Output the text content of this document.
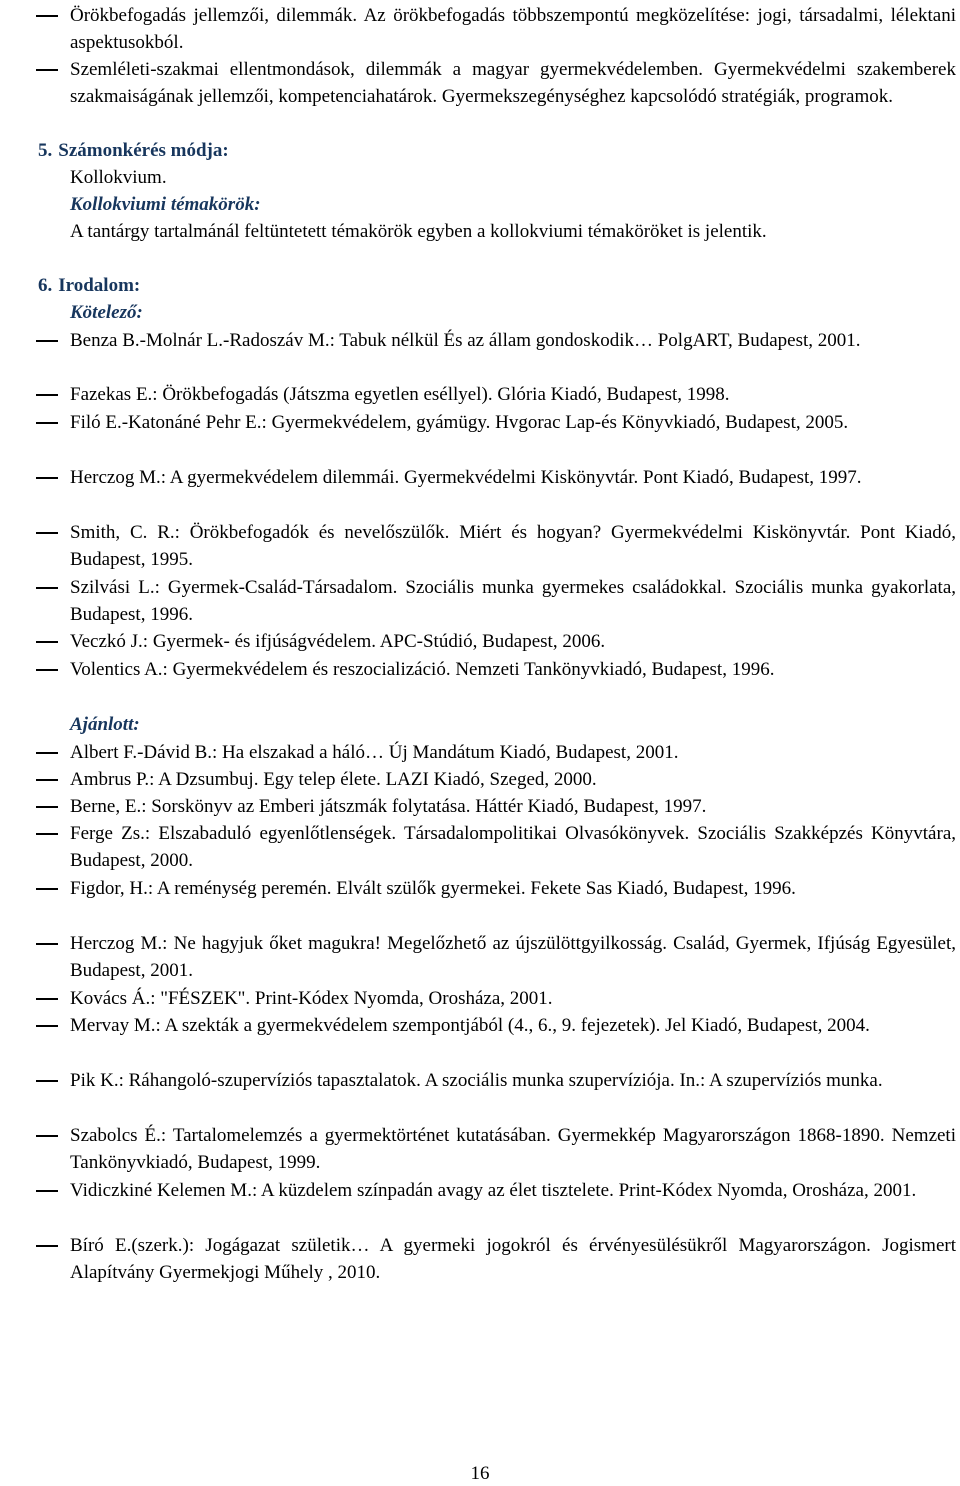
Örökbefogadás jellemzői, dilemmák. Az örökbefogadás többszempontú megközelítése: jogi, társadalmi, lélektani aspektusokból.
Szemléleti-szakmai ellentmondások, dilemmák a magyar gyermekvédelemben. Gyermekvédelmi szakemberek szakmaiságának jellemzői, kompetenciahatárok. Gyermekszegénységhez kapcsolódó stratégiák, programok.
5. Számonkérés módja:
Kollokvium.
Kollokviumi témakörök:
A tantárgy tartalmánál feltüntetett témakörök egyben a kollokviumi témaköröket is jelentik.
6. Irodalom:
Kötelező:
Benza B.-Molnár L.-Radoszáv M.: Tabuk nélkül És az állam gondoskodik… PolgART, Budapest, 2001.
Fazekas E.: Örökbefogadás (Játszma egyetlen eséllyel). Glória Kiadó, Budapest, 1998.
Filó E.-Katonáné Pehr E.: Gyermekvédelem, gyámügy. Hvgorac Lap-és Könyvkiadó, Budapest, 2005.
Herczog M.: A gyermekvédelem dilemmái. Gyermekvédelmi Kiskönyvtár. Pont Kiadó, Budapest, 1997.
Smith, C. R.: Örökbefogadók és nevelőszülők. Miért és hogyan? Gyermekvédelmi Kiskönyvtár. Pont Kiadó, Budapest, 1995.
Szilvási L.: Gyermek-Család-Társadalom. Szociális munka gyermekes családokkal. Szociális munka gyakorlata, Budapest, 1996.
Veczkó J.: Gyermek- és ifjúságvédelem. APC-Stúdió, Budapest, 2006.
Volentics A.: Gyermekvédelem és reszocializáció. Nemzeti Tankönyvkiadó, Budapest, 1996.
Ajánlott:
Albert F.-Dávid B.: Ha elszakad a háló… Új Mandátum Kiadó, Budapest, 2001.
Ambrus P.: A Dzsumbuj. Egy telep élete. LAZI Kiadó, Szeged, 2000.
Berne, E.: Sorskönyv az Emberi játszmák folytatása. Háttér Kiadó, Budapest, 1997.
Ferge Zs.: Elszabaduló egyenlőtlenségek. Társadalompolitikai Olvasókönyvek. Szociális Szakképzés Könyvtára, Budapest, 2000.
Figdor, H.: A reménység peremén. Elvált szülők gyermekei. Fekete Sas Kiadó, Budapest, 1996.
Herczog M.: Ne hagyjuk őket magukra! Megelőzhető az újszülöttgyilkosság. Család, Gyermek, Ifjúság Egyesület, Budapest, 2001.
Kovács Á.: "FÉSZEK". Print-Kódex Nyomda, Orosháza, 2001.
Mervay M.: A szekták a gyermekvédelem szempontjából (4., 6., 9. fejezetek). Jel Kiadó, Budapest, 2004.
Pik K.: Ráhangoló-szupervíziós tapasztalatok. A szociális munka szupervíziója. In.: A szupervíziós munka.
Szabolcs É.: Tartalomelemzés a gyermektörténet kutatásában. Gyermekkép Magyarországon 1868-1890. Nemzeti Tankönyvkiadó, Budapest, 1999.
Vidiczkiné Kelemen M.: A küzdelem színpadán avagy az élet tisztelete. Print-Kódex Nyomda, Orosháza, 2001.
Bíró E.(szerk.): Jogágazat születik… A gyermeki jogokról és érvényesülésükről Magyarországon. Jogismert Alapítvány Gyermekjogi Műhely , 2010.
16
